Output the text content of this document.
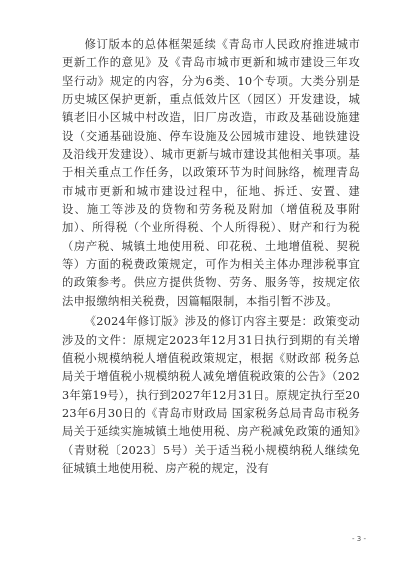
修订版本的总体框架延续《青岛市人民政府推进城市更新工作的意见》及《青岛市城市更新和城市建设三年攻坚行动》规定的内容，分为6类、10个专项。大类分别是历史城区保护更新，重点低效片区（园区）开发建设，城镇老旧小区城中村改造，旧厂房改造，市政及基础设施建设（交通基础设施、停车设施及公园城市建设、地铁建设及沿线开发建设）、城市更新与城市建设其他相关事项。基于相关重点工作任务，以政策环节为时间脉络，梳理青岛市城市更新和城市建设过程中，征地、拆迁、安置、建设、施工等涉及的贷物和劳务税及附加（增值税及事附加）、所得税（个业所得税、个人所得税）、财产和行为税（房产税、城镇土地使用税、印花税、土地增值税、契税等）方面的税费政策规定，可作为相关主体办理涉税事宜的政策参考。供应方提供货物、劳务、服务等，按规定依法申报缴纳相关税费，因篇幅限制，本指引暂不涉及。

《2024年修订版》涉及的修订内容主要是：政策变动涉及的文件：原规定2023年12月31日执行到期的有关增值税小规模纳税人增值税政策规定，根据《财政部 税务总局关于增值税小规模纳税人减免增值税政策的公告》（2023年第19号），执行到2027年12月31日。原规定执行至2023年6月30日的《青岛市财政局 国家税务总局青岛市税务局关于延续实施城镇土地使用税、房产税减免政策的通知》（青财税〔2023〕5号）关于适当税小规模纳税人继续免征城镇土地使用税、房产税的规定，没有

- 3 -
